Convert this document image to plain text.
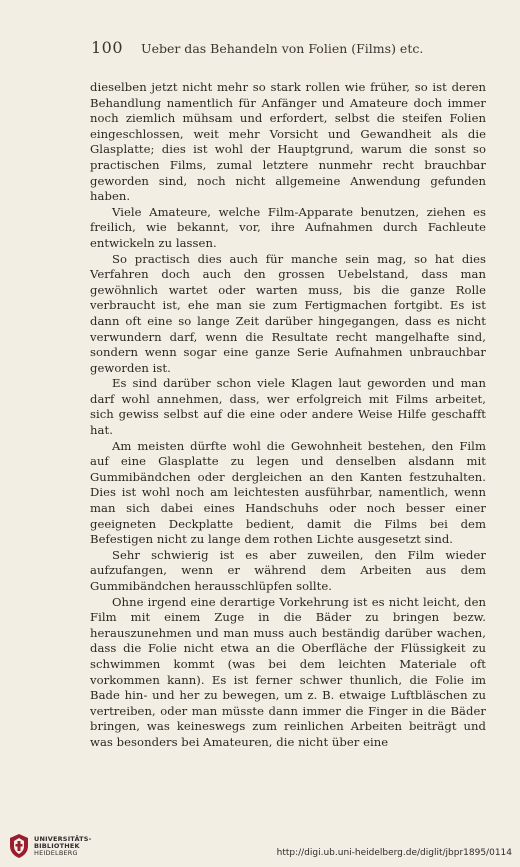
100 Ueber das Behandeln von Folien (Films) etc.

dieselben jetzt nicht mehr so stark rollen wie früher, so ist deren Behandlung namentlich für Anfänger und Amateure doch immer noch ziemlich mühsam und erfordert, selbst die steifen Folien eingeschlossen, weit mehr Vorsicht und Gewandheit als die Glasplatte; dies ist wohl der Hauptgrund, warum die sonst so practischen Films, zumal letztere nunmehr recht brauchbar geworden sind, noch nicht allgemeine Anwendung gefunden haben.

Viele Amateure, welche Film-Apparate benutzen, ziehen es freilich, wie bekannt, vor, ihre Aufnahmen durch Fachleute entwickeln zu lassen.

So practisch dies auch für manche sein mag, so hat dies Verfahren doch auch den grossen Uebelstand, dass man gewöhnlich wartet oder warten muss, bis die ganze Rolle verbraucht ist, ehe man sie zum Fertigmachen fortgibt. Es ist dann oft eine so lange Zeit darüber hingegangen, dass es nicht verwundern darf, wenn die Resultate recht mangelhafte sind, sondern wenn sogar eine ganze Serie Aufnahmen unbrauchbar geworden ist.

Es sind darüber schon viele Klagen laut geworden und man darf wohl annehmen, dass, wer erfolgreich mit Films arbeitet, sich gewiss selbst auf die eine oder andere Weise Hilfe geschafft hat.

Am meisten dürfte wohl die Gewohnheit bestehen, den Film auf eine Glasplatte zu legen und denselben alsdann mit Gummibändchen oder dergleichen an den Kanten festzuhalten. Dies ist wohl noch am leichtesten ausführbar, namentlich, wenn man sich dabei eines Handschuhs oder noch besser einer geeigneten Deckplatte bedient, damit die Films bei dem Befestigen nicht zu lange dem rothen Lichte ausgesetzt sind.

Sehr schwierig ist es aber zuweilen, den Film wieder aufzufangen, wenn er während dem Arbeiten aus dem Gummibändchen herausschlüpfen sollte.

Ohne irgend eine derartige Vorkehrung ist es nicht leicht, den Film mit einem Zuge in die Bäder zu bringen bezw. herauszunehmen und man muss auch beständig darüber wachen, dass die Folie nicht etwa an die Oberfläche der Flüssigkeit zu schwimmen kommt (was bei dem leichten Materiale oft vorkommen kann). Es ist ferner schwer thunlich, die Folie im Bade hin- und her zu bewegen, um z. B. etwaige Luftbläschen zu vertreiben, oder man müsste dann immer die Finger in die Bäder bringen, was keineswegs zum reinlichen Arbeiten beiträgt und was besonders bei Amateuren, die nicht über eine

UNIVERSITÄTS-
BIBLIOTHEK
HEIDELBERG	http://digi.ub.uni-heidelberg.de/diglit/jbpr1895/0114
